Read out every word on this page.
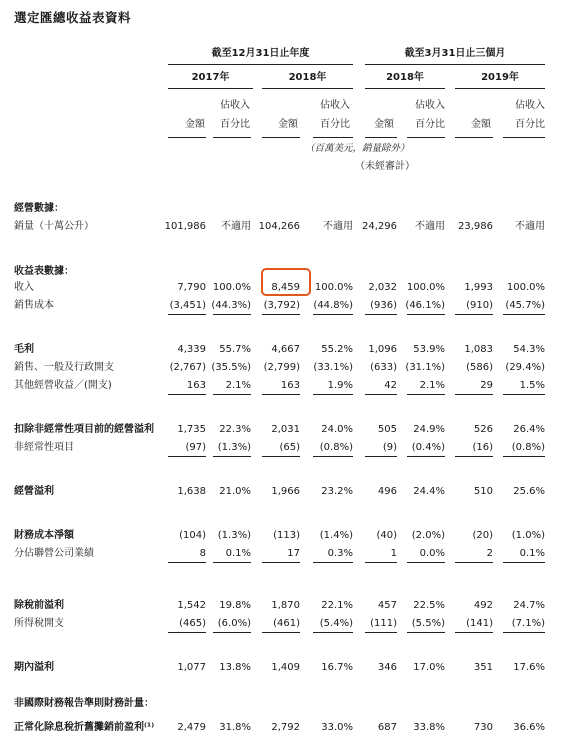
選定匯總收益表資料
截至12月31日止年度	截至3月31日止三個月
2017年	2018年	2018年	2019年
佔收入	佔收入	佔收入	佔收入
金額	百分比	金額	百分比	金額	百分比	金額	百分比
（百萬美元，銷量除外）
（未經審計）
經營數據：
收益表數據：
非國際財務報告準則財務計量：
銷量（十萬公升）	101,986	不適用 104,266	不適用 24,296	不適用	23,986	不適用
收入	7,790 100.0%	8,459	100.0%	2,032 100.0%	1,993	100.0%
銷售成本	(3,451) (44.3%)	(3,792)	(44.8%)	(936) (46.1%)	(910)	(45.7%)
毛利	4,339	55.7%	4,667	55.2%	1,096	53.9%	1,083	54.3%
銷售、一般及行政開支	(2,767) (35.5%)	(2,799)	(33.1%)	(633) (31.1%)	(586)	(29.4%)
其他經營收益／(開支)	163	2.1%	163	1.9%	42	2.1%	29	1.5%
扣除非經常性項目前的經營溢利	1,735	22.3%	2,031	24.0%	505	24.9%	526	26.4%
非經常性項目	(97)	(1.3%)	(65)	(0.8%)	(9)	(0.4%)	(16)	(0.8%)
經營溢利	1,638	21.0%	1,966	23.2%	496	24.4%	510	25.6%
財務成本淨額	(104)	(1.3%)	(113)	(1.4%)	(40)	(2.0%)	(20)	(1.0%)
分佔聯營公司業績	8	0.1%	17	0.3%	1	0.0%	2	0.1%
除稅前溢利	1,542	19.8%	1,870	22.1%	457	22.5%	492	24.7%
所得稅開支	(465)	(6.0%)	(461)	(5.4%)	(111)	(5.5%)	(141)	(7.1%)
期內溢利	1,077	13.8%	1,409	16.7%	346	17.0%	351	17.6%
正常化除息稅折舊攤銷前盈利⁽¹⁾	2,479	31.8%	2,792	33.0%	687	33.8%	730	36.6%
